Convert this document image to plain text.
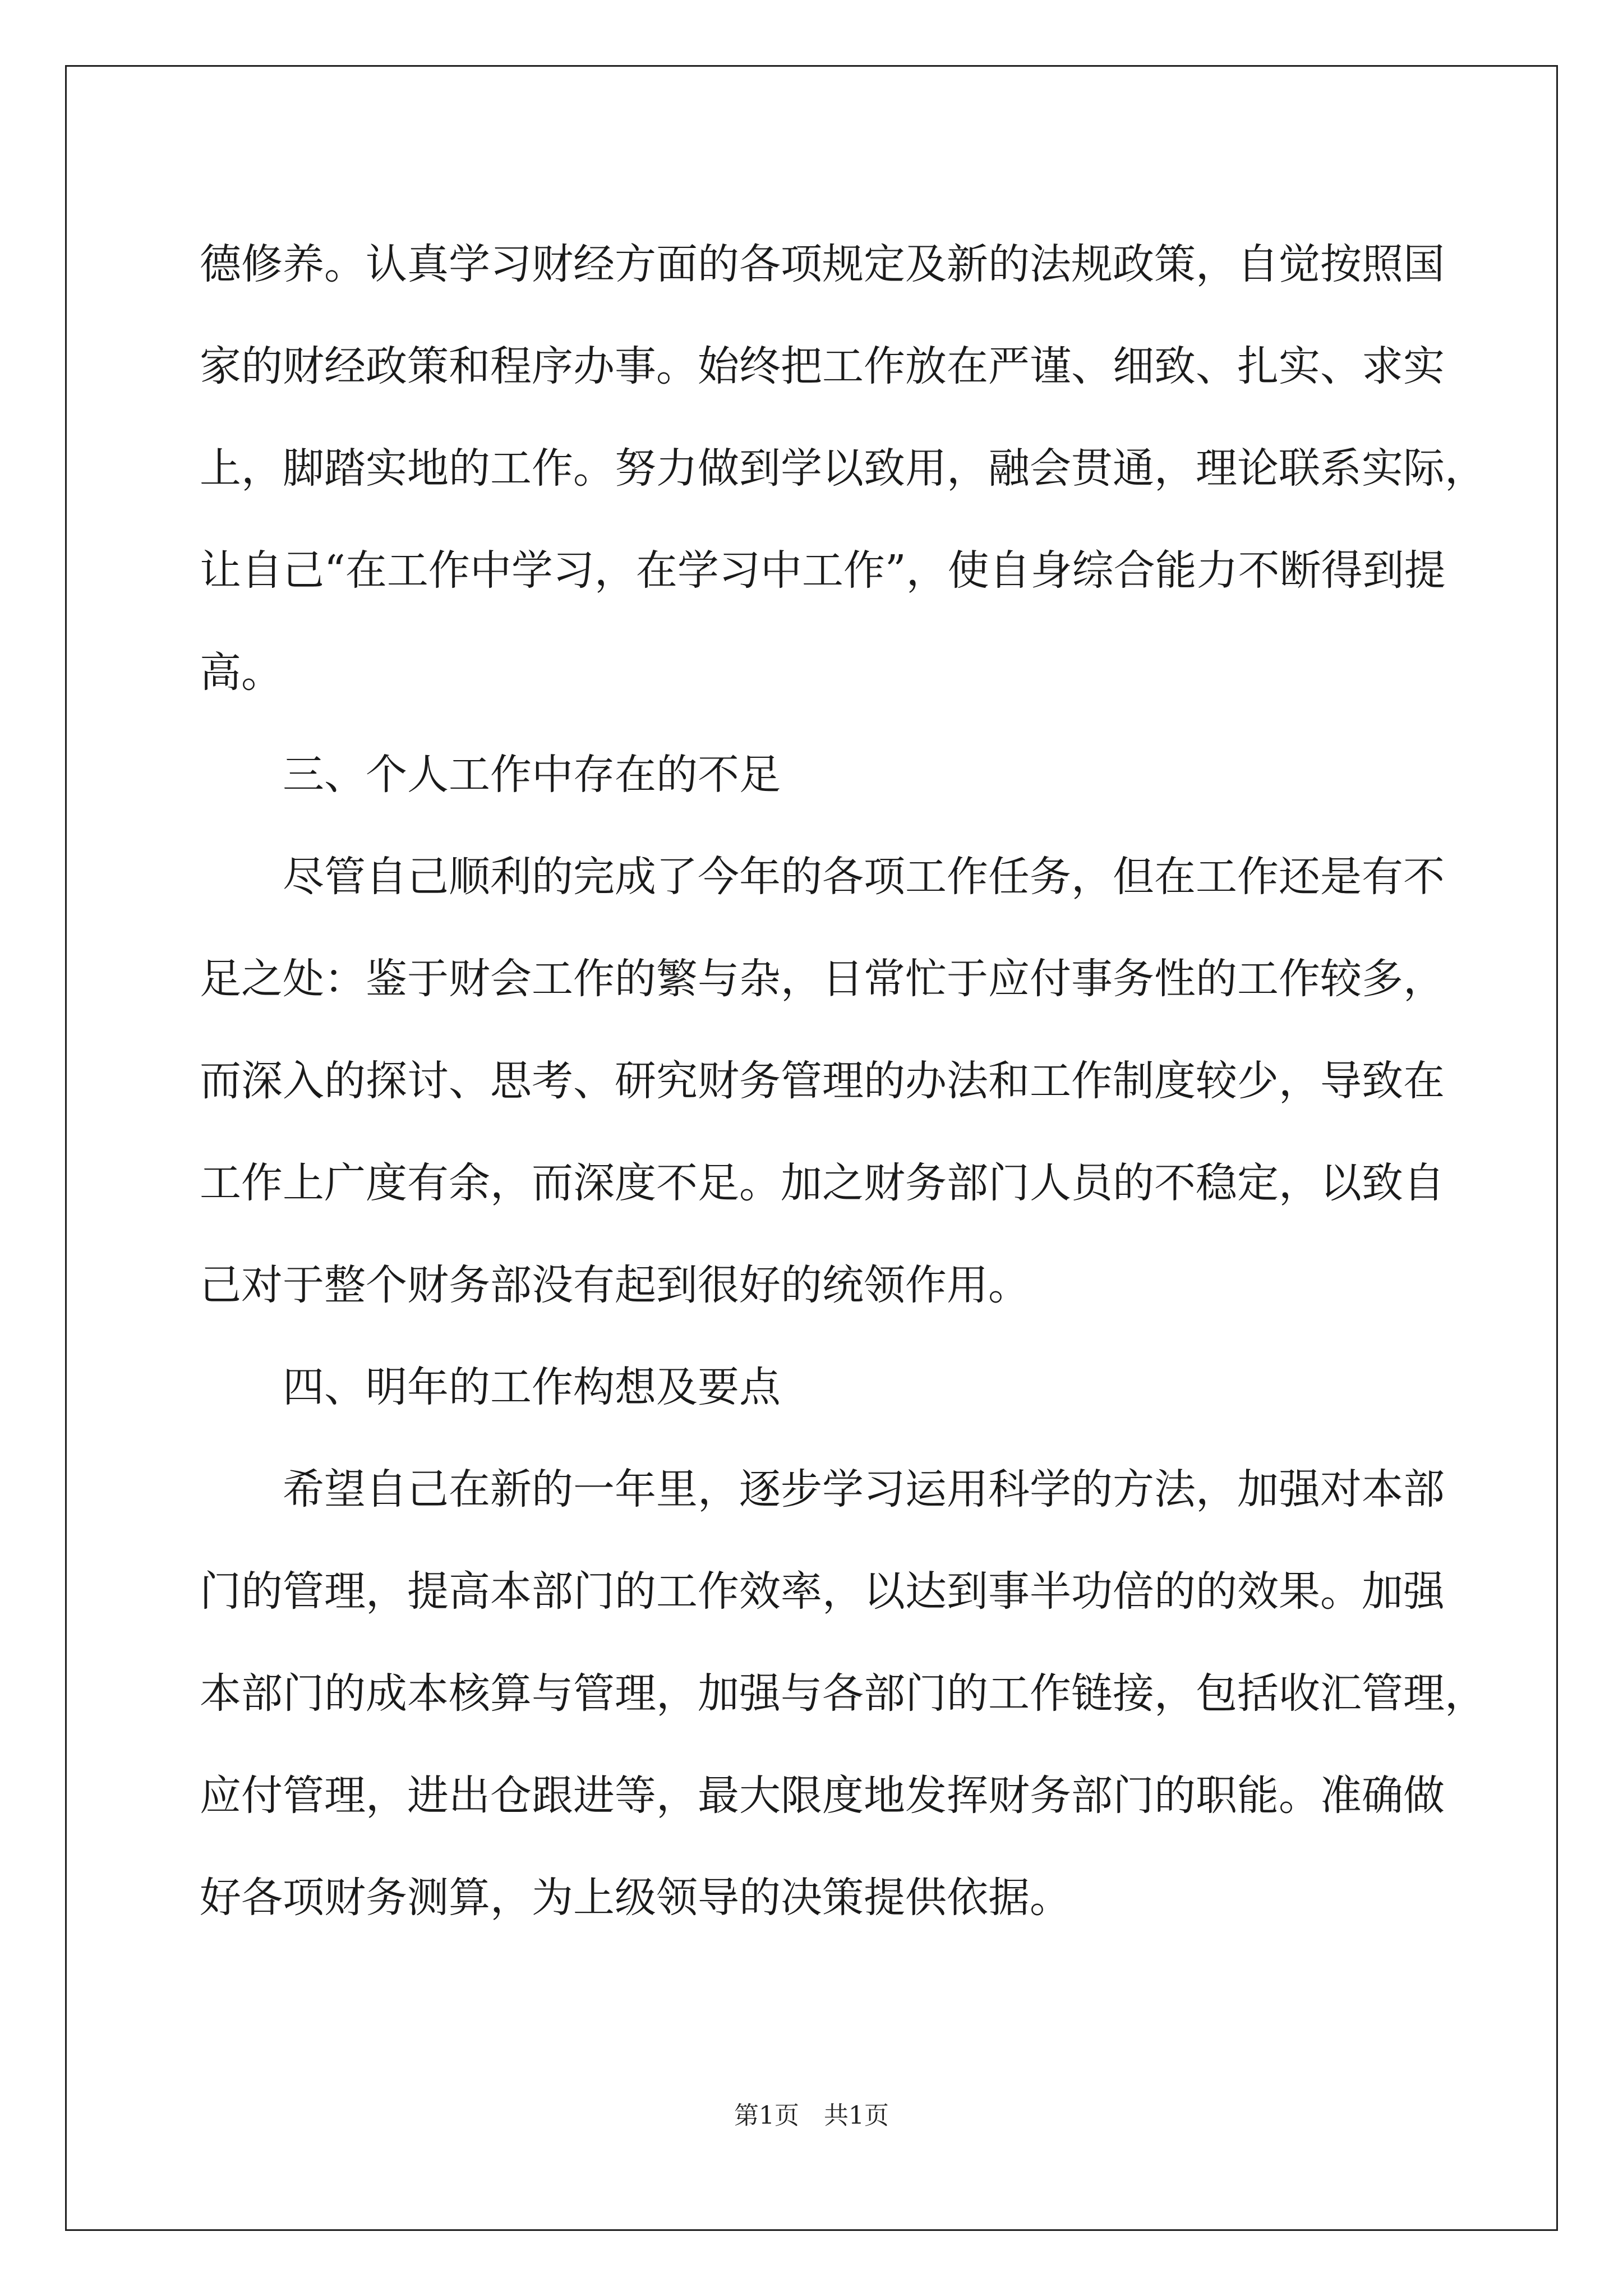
德修养。认真学习财经方面的各项规定及新的法规政策，自觉按照国
家的财经政策和程序办事。始终把工作放在严谨、细致、扎实、求实
上，脚踏实地的工作。努力做到学以致用，融会贯通，理论联系实际，
让自己“在工作中学习，在学习中工作”，使自身综合能力不断得到提
高。
三、个人工作中存在的不足
尽管自己顺利的完成了今年的各项工作任务，但在工作还是有不
足之处：鉴于财会工作的繁与杂，日常忙于应付事务性的工作较多，
而深入的探讨、思考、研究财务管理的办法和工作制度较少，导致在
工作上广度有余，而深度不足。加之财务部门人员的不稳定，以致自
己对于整个财务部没有起到很好的统领作用。
四、明年的工作构想及要点
希望自己在新的一年里，逐步学习运用科学的方法，加强对本部
门的管理，提高本部门的工作效率，以达到事半功倍的的效果。加强
本部门的成本核算与管理，加强与各部门的工作链接，包括收汇管理，
应付管理，进出仓跟进等，最大限度地发挥财务部门的职能。准确做
好各项财务测算，为上级领导的决策提供依据。
第1页　共1页
